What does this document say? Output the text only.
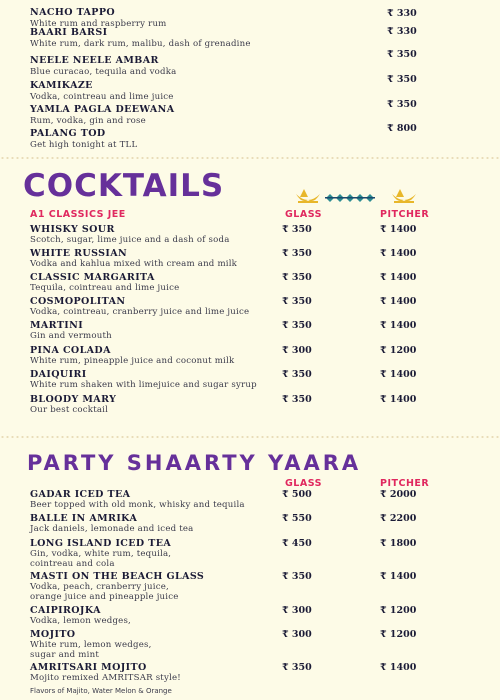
COCKTAILS
A1 CLASSICS JEE	GLASS	PITCHER
PARTY SHAARTY YAARA
GLASS	PITCHER
Flavors of Majito, Water Melon & Orange
NACHO TAPPO
White rum and raspberry rum
₹ 330
BAARI BARSI
White rum, dark rum, malibu, dash of grenadine
₹ 330
NEELE NEELE AMBAR
Blue curacao, tequila and vodka
₹ 350
KAMIKAZE
Vodka, cointreau and lime juice
₹ 350
YAMLA PAGLA DEEWANA
Rum, vodka, gin and rose
₹ 350
PALANG TOD
Get high tonight at TLL
₹ 800
WHISKY SOUR
Scotch, sugar, lime juice and a dash of soda
₹ 350	₹ 1400
WHITE RUSSIAN
Vodka and kahlua mixed with cream and milk
₹ 350	₹ 1400
CLASSIC MARGARITA
Tequila, cointreau and lime juice
₹ 350	₹ 1400
COSMOPOLITAN
Vodka, cointreau, cranberry juice and lime juice
₹ 350	₹ 1400
MARTINI
Gin and vermouth
₹ 350	₹ 1400
PINA COLADA
White rum, pineapple juice and coconut milk
₹ 300	₹ 1200
DAIQUIRI
White rum shaken with limejuice and sugar syrup
₹ 350	₹ 1400
BLOODY MARY
Our best cocktail
₹ 350	₹ 1400
GADAR ICED TEA
Beer topped with old monk, whisky and tequila
₹ 500	₹ 2000
BALLE IN AMRIKA
Jack daniels, lemonade and iced tea
₹ 550	₹ 2200
LONG ISLAND ICED TEA
Gin, vodka, white rum, tequila,
cointreau and cola
₹ 450	₹ 1800
MASTI ON THE BEACH GLASS
Vodka, peach, cranberry juice,
orange juice and pineapple juice
₹ 350	₹ 1400
CAIPIROJKA
Vodka, lemon wedges,
₹ 300	₹ 1200
MOJITO
White rum, lemon wedges,
sugar and mint
₹ 300	₹ 1200
AMRITSARI MOJITO
Mojito remixed AMRITSAR style!
₹ 350	₹ 1400
